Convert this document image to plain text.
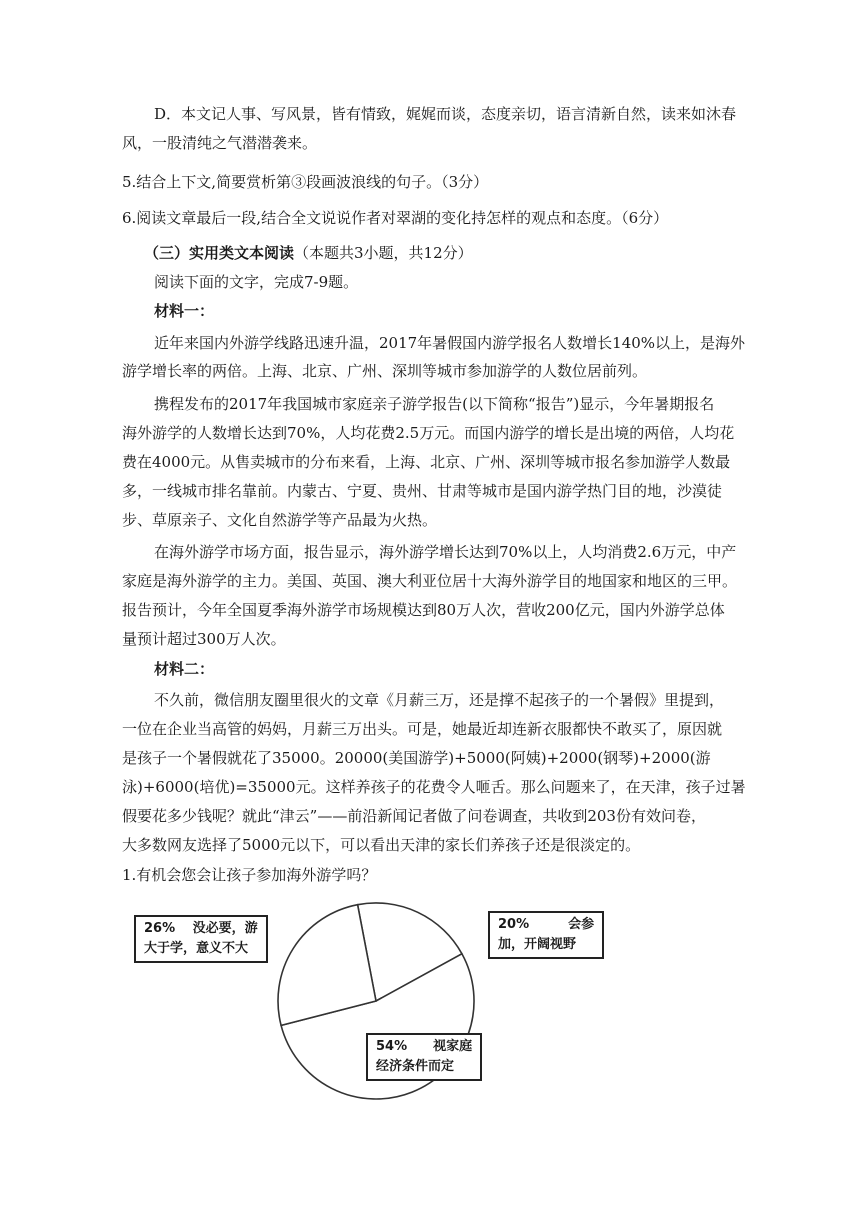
D．本文记人事、写风景，皆有情致，娓娓而谈，态度亲切，语言清新自然，读来如沐春
风，一股清纯之气潜潜袭来。
5.结合上下文,简要赏析第③段画波浪线的句子。（3分）
6.阅读文章最后一段,结合全文说说作者对翠湖的变化持怎样的观点和态度。（6分）
（三）实用类文本阅读（本题共3小题，共12分）
阅读下面的文字，完成7-9题。
材料一：
近年来国内外游学线路迅速升温，2017年暑假国内游学报名人数增长140%以上，是海外
游学增长率的两倍。上海、北京、广州、深圳等城市参加游学的人数位居前列。
携程发布的2017年我国城市家庭亲子游学报告(以下简称“报告”)显示，今年暑期报名
海外游学的人数增长达到70%，人均花费2.5万元。而国内游学的增长是出境的两倍，人均花
费在4000元。从售卖城市的分布来看，上海、北京、广州、深圳等城市报名参加游学人数最
多，一线城市排名靠前。内蒙古、宁夏、贵州、甘肃等城市是国内游学热门目的地，沙漠徒
步、草原亲子、文化自然游学等产品最为火热。
在海外游学市场方面，报告显示，海外游学增长达到70%以上，人均消费2.6万元，中产
家庭是海外游学的主力。美国、英国、澳大利亚位居十大海外游学目的地国家和地区的三甲。
报告预计，今年全国夏季海外游学市场规模达到80万人次，营收200亿元，国内外游学总体
量预计超过300万人次。
材料二：
不久前，微信朋友圈里很火的文章《月薪三万，还是撑不起孩子的一个暑假》里提到，
一位在企业当高管的妈妈，月薪三万出头。可是，她最近却连新衣服都快不敢买了，原因就
是孩子一个暑假就花了35000。20000(美国游学)+5000(阿姨)+2000(钢琴)+2000(游
泳)+6000(培优)=35000元。这样养孩子的花费令人咂舌。那么问题来了，在天津，孩子过暑
假要花多少钱呢？就此“津云”——前沿新闻记者做了问卷调查，共收到203份有效问卷，
大多数网友选择了5000元以下，可以看出天津的家长们养孩子还是很淡定的。
1.有机会您会让孩子参加海外游学吗？
26%　 没必要，游
大于学，意义不大
20%　　　会参
加，开阔视野
54%　　视家庭
经济条件而定
